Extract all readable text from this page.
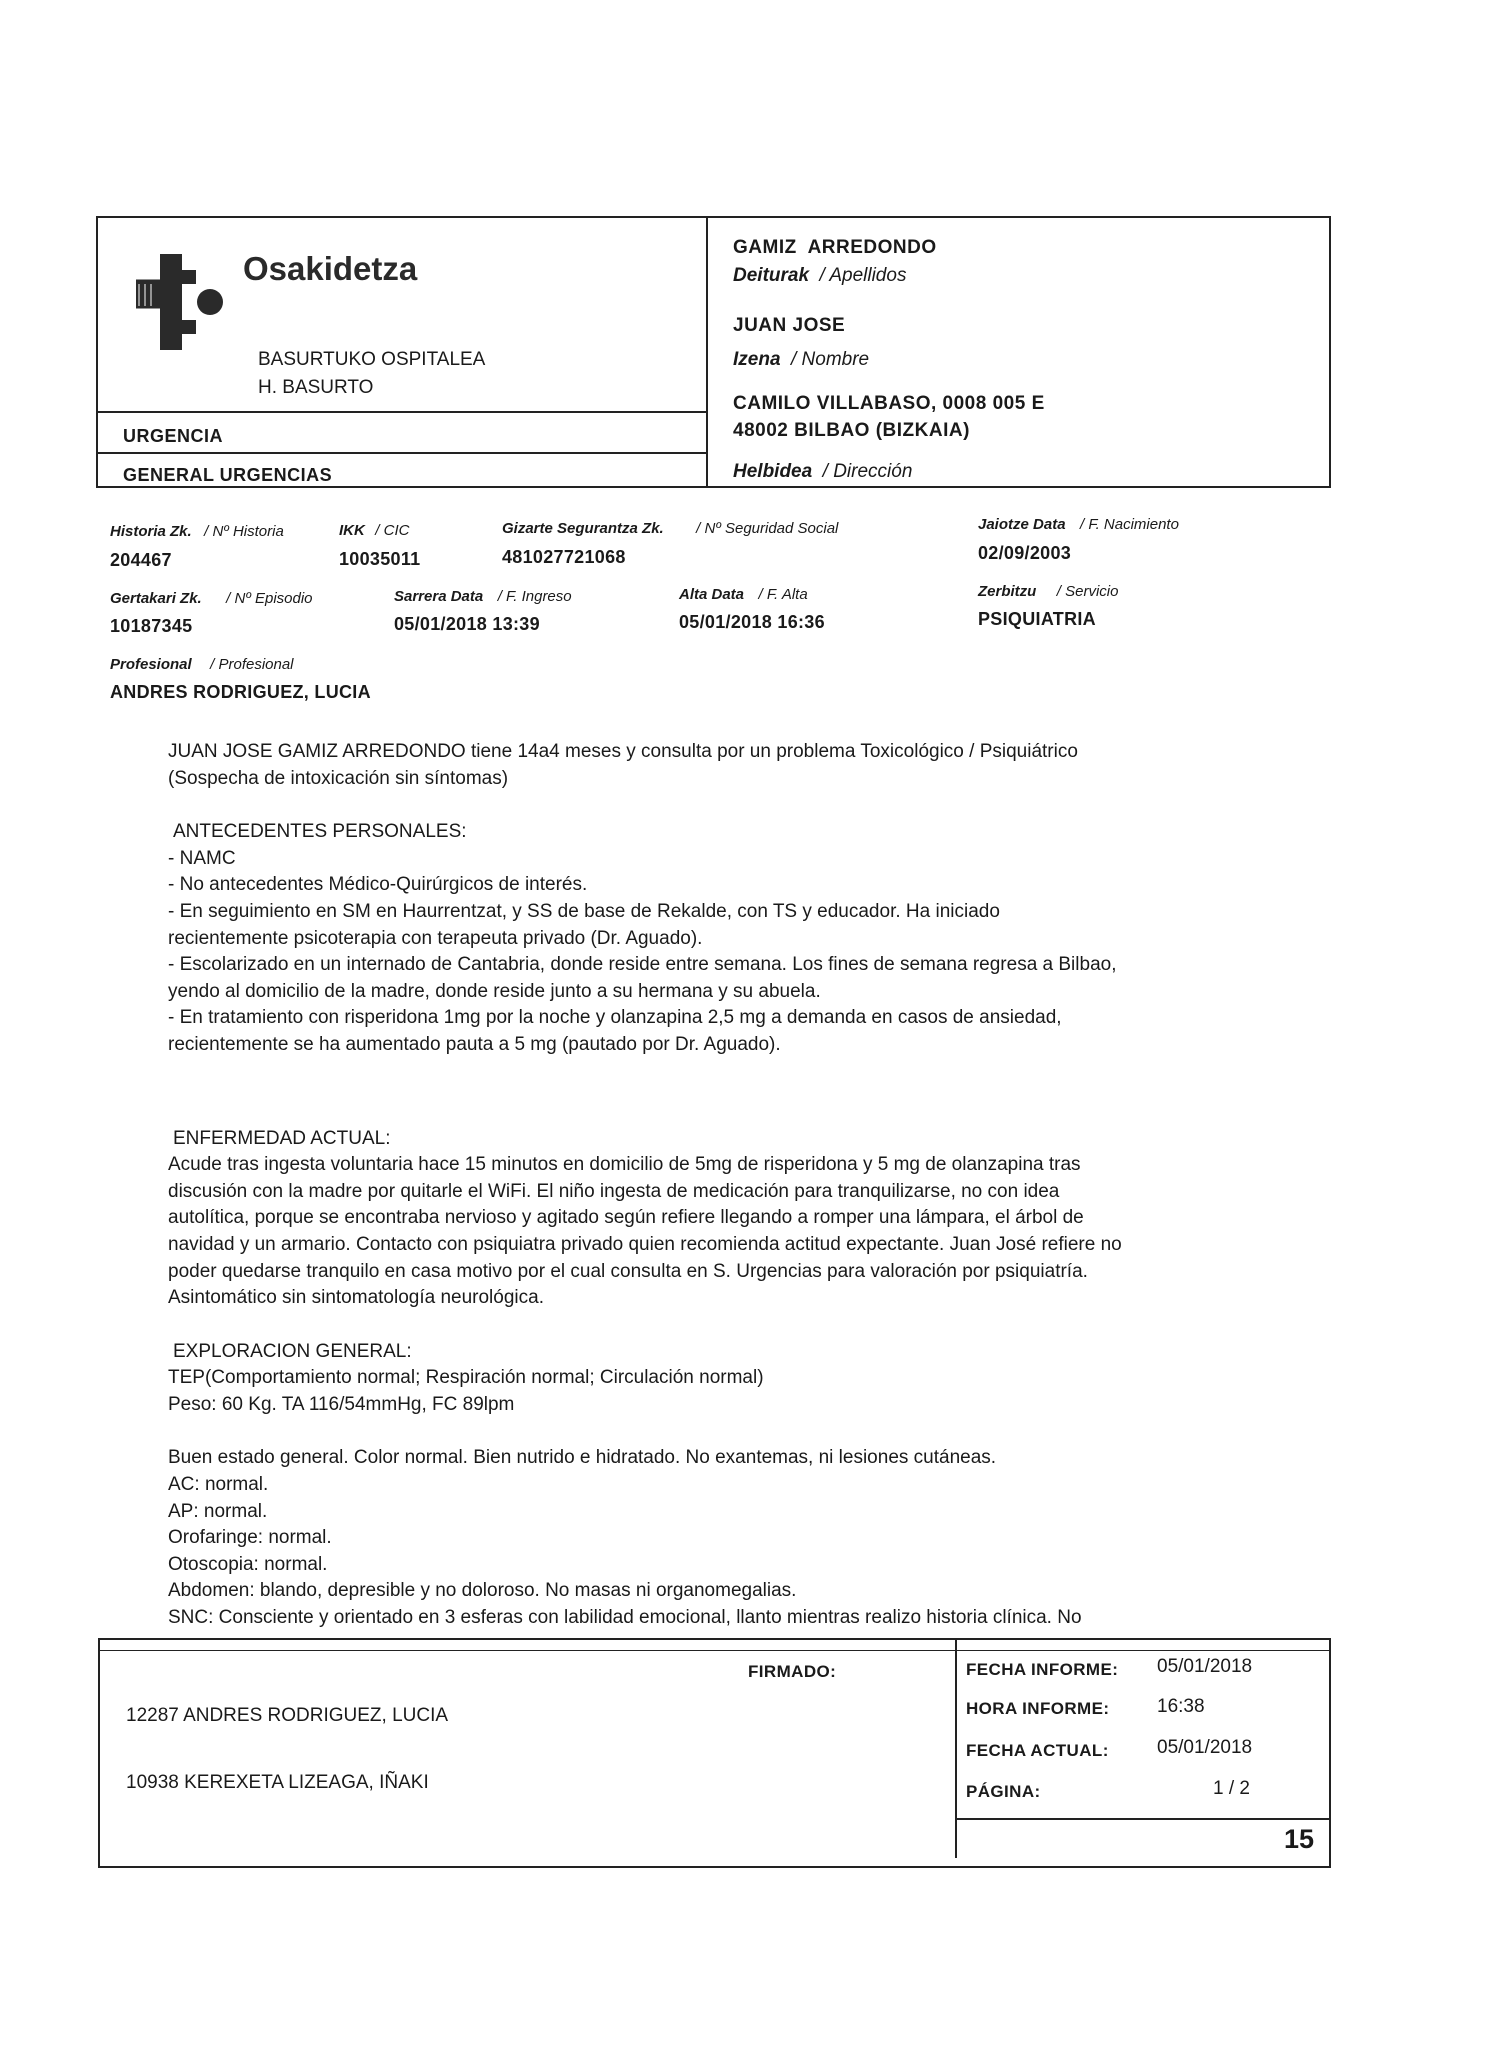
Osakidetza
BASURTUKO OSPITALEA
H. BASURTO
URGENCIA
GENERAL URGENCIAS
GAMIZ  ARREDONDO
Deiturak / Apellidos
JUAN JOSE
Izena / Nombre
CAMILO VILLABASO, 0008 005 E
48002 BILBAO (BIZKAIA)
Helbidea / Dirección
Historia Zk. / Nº Historia
204467
IKK / CIC
10035011
Gizarte Segurantza Zk. / Nº Seguridad Social
481027721068
Jaiotze Data / F. Nacimiento
02/09/2003
Gertakari Zk. / Nº Episodio
10187345
Sarrera Data / F. Ingreso
05/01/2018 13:39
Alta Data / F. Alta
05/01/2018 16:36
Zerbitzu / Servicio
PSIQUIATRIA
Profesional / Profesional
ANDRES RODRIGUEZ, LUCIA

JUAN JOSE GAMIZ ARREDONDO tiene 14a4 meses y consulta por un problema Toxicológico / Psiquiátrico

(Sospecha de intoxicación sin síntomas)

ANTECEDENTES PERSONALES:

- NAMC

- No antecedentes Médico-Quirúrgicos de interés.

- En seguimiento en SM en Haurrentzat, y SS de base de Rekalde, con TS y educador. Ha iniciado

recientemente psicoterapia con terapeuta privado (Dr. Aguado).

- Escolarizado en un internado de Cantabria, donde reside entre semana. Los fines de semana regresa a Bilbao,

yendo al domicilio de la madre, donde reside junto a su hermana y su abuela.

- En tratamiento con risperidona 1mg por la noche y olanzapina 2,5 mg a demanda en casos de ansiedad,

recientemente se ha aumentado pauta a 5 mg (pautado por Dr. Aguado).

ENFERMEDAD ACTUAL:

Acude tras ingesta voluntaria hace 15 minutos en domicilio de 5mg de risperidona y 5 mg de olanzapina tras

discusión con la madre por quitarle el WiFi. El niño ingesta de medicación para tranquilizarse, no con idea

autolítica, porque se encontraba nervioso y agitado según refiere llegando a romper una lámpara, el árbol de

navidad y un armario. Contacto con psiquiatra privado quien recomienda actitud expectante. Juan José refiere no

poder quedarse tranquilo en casa motivo por el cual consulta en S. Urgencias para valoración por psiquiatría.

Asintomático sin sintomatología neurológica.

EXPLORACION GENERAL:

TEP(Comportamiento normal; Respiración normal; Circulación normal)

Peso: 60 Kg. TA 116/54mmHg, FC 89lpm

Buen estado general. Color normal. Bien nutrido e hidratado. No exantemas, ni lesiones cutáneas.

AC: normal.

AP: normal.

Orofaringe: normal.

Otoscopia: normal.

Abdomen: blando, depresible y no doloroso. No masas ni organomegalias.

SNC: Consciente y orientado en 3 esferas con labilidad emocional, llanto mientras realizo historia clínica. No

FIRMADO:
12287 ANDRES RODRIGUEZ, LUCIA
10938 KEREXETA LIZEAGA, IÑAKI
FECHA INFORME: 05/01/2018
HORA INFORME:	16:38
FECHA ACTUAL:	05/01/2018
PÁGINA:	1 / 2
15
